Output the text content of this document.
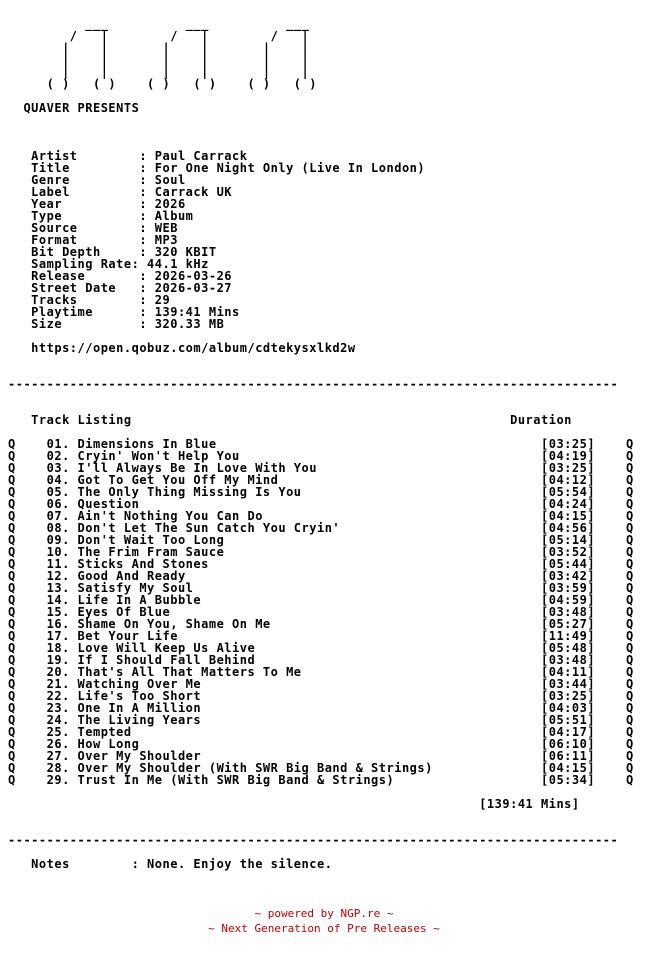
___          ___          ___
/   |        /   |        /   |
|    |       |    |       |    |
|    |       |    |       |    |
|    |       |    |       |    |
( )   ( )    ( )   ( )    ( )   ( )

QUAVER PRESENTS

Artist        : Paul Carrack
Title         : For One Night Only (Live In London)
Genre         : Soul
Label         : Carrack UK
Year          : 2026
Type          : Album
Source        : WEB
Format        : MP3
Bit Depth     : 320 KBIT
Sampling Rate: 44.1 kHz
Release       : 2026-03-26
Street Date   : 2026-03-27
Tracks        : 29
Playtime      : 139:41 Mins
Size          : 320.33 MB

https://open.qobuz.com/album/cdtekysxlkd2w

-------------------------------------------------------------------------------

Track Listing                                                 Duration

Q    01. Dimensions In Blue                                          [03:25]    Q
Q    02. Cryin' Won't Help You                                       [04:19]    Q
Q    03. I'll Always Be In Love With You                             [03:25]    Q
Q    04. Got To Get You Off My Mind                                  [04:12]    Q
Q    05. The Only Thing Missing Is You                               [05:54]    Q
Q    06. Question                                                    [04:24]    Q
Q    07. Ain't Nothing You Can Do                                    [04:15]    Q
Q    08. Don't Let The Sun Catch You Cryin'                          [04:56]    Q
Q    09. Don't Wait Too Long                                         [05:14]    Q
Q    10. The Frim Fram Sauce                                         [03:52]    Q
Q    11. Sticks And Stones                                           [05:44]    Q
Q    12. Good And Ready                                              [03:42]    Q
Q    13. Satisfy My Soul                                             [03:59]    Q
Q    14. Life In A Bubble                                            [04:59]    Q
Q    15. Eyes Of Blue                                                [03:48]    Q
Q    16. Shame On You, Shame On Me                                   [05:27]    Q
Q    17. Bet Your Life                                               [11:49]    Q
Q    18. Love Will Keep Us Alive                                     [05:48]    Q
Q    19. If I Should Fall Behind                                     [03:48]    Q
Q    20. That's All That Matters To Me                               [04:11]    Q
Q    21. Watching Over Me                                            [03:44]    Q
Q    22. Life's Too Short                                            [03:25]    Q
Q    23. One In A Million                                            [04:03]    Q
Q    24. The Living Years                                            [05:51]    Q
Q    25. Tempted                                                     [04:17]    Q
Q    26. How Long                                                    [06:10]    Q
Q    27. Over My Shoulder                                            [06:11]    Q
Q    28. Over My Shoulder (With SWR Big Band & Strings)              [04:15]    Q
Q    29. Trust In Me (With SWR Big Band & Strings)                   [05:34]    Q

[139:41 Mins]

-------------------------------------------------------------------------------

Notes        : None. Enjoy the silence.
~ powered by NGP.re ~
~ Next Generation of Pre Releases ~
